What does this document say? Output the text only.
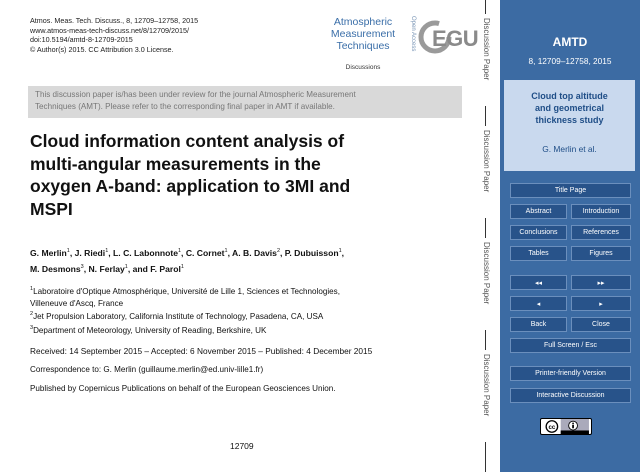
Atmos. Meas. Tech. Discuss., 8, 12709–12758, 2015
www.atmos-meas-tech-discuss.net/8/12709/2015/
doi:10.5194/amtd-8-12709-2015
© Author(s) 2015. CC Attribution 3.0 License.
Atmospheric
Measurement
Techniques
Discussions
Open Access EGU
This discussion paper is/has been under review for the journal Atmospheric Measurement
Techniques (AMT). Please refer to the corresponding final paper in AMT if available.
Cloud information content analysis of
multi-angular measurements in the
oxygen A-band: application to 3MI and
MSPI
G. Merlin$^1$, J. Riedi$^1$, L. C. Labonnote$^1$, C. Cornet$^1$, A. B. Davis$^2$, P. Dubuisson$^1$,
M. Desmons$^3$, N. Ferlay$^1$, and F. Parol$^1$
$^1$Laboratoire d'Optique Atmosphérique, Université de Lille 1, Sciences et Technologies,
Villeneuve d'Ascq, France
$^2$Jet Propulsion Laboratory, California Institute of Technology, Pasadena, CA, USA
$^3$Department of Meteorology, University of Reading, Berkshire, UK
Received: 14 September 2015 – Accepted: 6 November 2015 – Published: 4 December 2015
Correspondence to: G. Merlin (guillaume.merlin@ed.univ-lille1.fr)
Published by Copernicus Publications on behalf of the European Geosciences Union.
12709
Discussion Paper
Discussion Paper
Discussion Paper
Discussion Paper
AMTD
8, 12709–12758, 2015
Cloud top altitude
and geometrical
thickness study
G. Merlin et al.
Title Page
Abstract	Introduction
Conclusions	References
Tables	Figures
◂◂	▸▸
◂	▸
Back	Close
Full Screen / Esc
Printer-friendly Version
Interactive Discussion
cc
